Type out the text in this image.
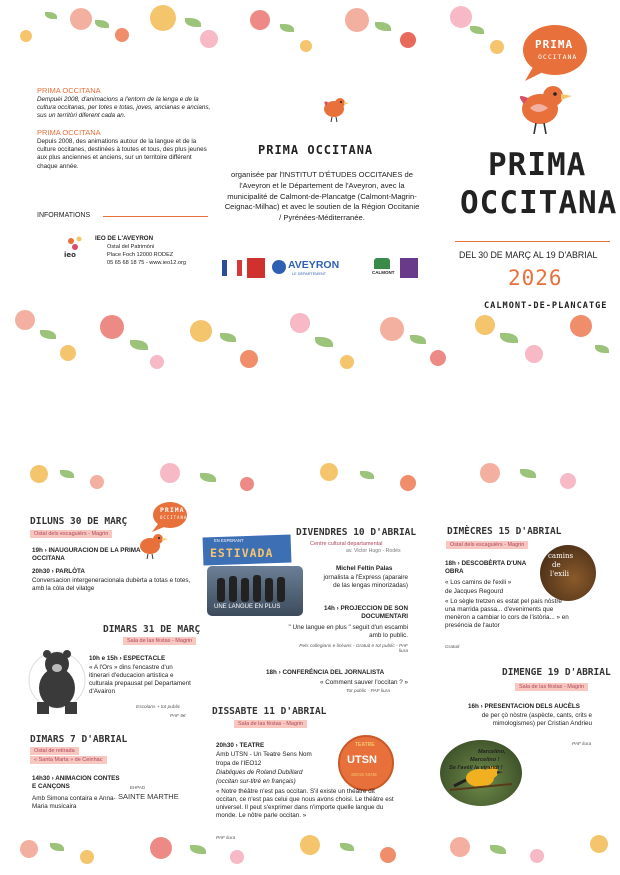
PRIMA OCCITANA
Dempuèi 2008, d'animacions a l'entorn de la lenga e de la cultura occitanas, per totes e totas, joves, ancianas e ancians, sus un territòri diferent cada an.
PRIMA OCCITANA
Depuis 2008, des animations autour de la langue et de la culture occitanes, destinées à toutes et tous, des plus jeunes aux plus anciennes et anciens, sur un territoire différent chaque année.
INFORMATIONS
ieo
IEO DE L'AVEYRON
Ostal del Patrimòni
Place Foch 12000 RODEZ
05 65 68 18 75 - www.ieo12.org
PRIMA OCCITANA
organisée par l'INSTITUT D'ÉTUDES OCCITANES de l'Aveyron et le Département de l'Aveyron, avec la municipalité de Calmont-de-Plancatge (Calmont-Magrin-Ceignac-Milhac) et avec le soutien de la Région Occitanie / Pyrénées-Méditerranée.
AVEYRON
LE DÉPARTEMENT	CALMONT
PRIMA
OCCITANA
PRIMA
OCCITANA
DEL 30 DE MARÇ AL 19 D'ABRIAL
2026
CALMONT-DE-PLANCATGE
PRIMA
OCCITANA
DILUNS 30 DE MARÇ
Ostal dels escaguièrs - Magrin
19h › INAUGURACION DE LA PRIMA OCCITANA
20h30 › PARLÒTA
Conversacion intergeneracionala dubèrta a totas e totes, amb la còla del vilatge
DIMARS 31 DE MARÇ
Sala de las fèstas - Magrin
10h e 15h › ESPECTACLE
« A l'Ors » dins l'encastre d'un itinerari d'educacion artistica e culturala prepausat pel Departament d'Avairon
Escolans + tot public
PAF 5€
DIMARS 7 D'ABRIAL
Ostal de retirada
« Santa Marta » de Ceinhac
14h30 › ANIMACION CONTES E CANÇONS
Amb Simona contaira e Anna-Maria musicaira
EHPAD
SAINTE MARTHE
EN ESPERANT
ESTIVADA
UNE LANGUE EN PLUS
DIVENDRES 10 D'ABRIAL
Centre cultural departamental
av. Victor Hugo - Rodés
Michel Feltin Palas
jornalista a l'Express (aparaire de las lengas minorizadas)
14h › PROJECCION DE SON DOCUMENTARI
" Une langue en plus " seguit d'un escambi amb lo public.
Pels collegians e licèans - Gratuit e tot public - PAF liura
18h › CONFERÉNCIA DEL JORNALISTA
« Comment sauver l'occitan ? »
Tot public - PAF liura
DISSABTE 11 D'ABRIAL
Sala de las fèstas - Magrin
TEATRE
UTSN
SENS NOM
20h30 › TEATRE
Amb UTSN - Un Teatre Sens Nom
tropa de l'IEO12
Diabliques de Roland Dubillard
(occitan sur-titré en français)
« Notre théâtre n'est pas occitan. S'il existe un théâtre dit occitan, ce n'est pas celui que nous avons choisi. Le théâtre est universel. Il peut s'exprimer dans n'importe quelle langue du monde. Le nôtre parle occitan. »
PAF liura
DIMÈCRES 15 D'ABRIAL
Ostal dels escaguièrs - Magrin
camins
de
l'exili
18h › DESCOBÈRTA D'UNA OBRA
« Los camins de l'exili »
de Jacques Regourd
« Lo sègle tretzen es estat pel país nòstre una marrida passa... d'eveniments que menèron a cambiar lo cors de l'istòria... » en preséncia de l'autor
Gratuit
DIMENGE 19 D'ABRIAL
Sala de las fèstas - Magrin
16h › PRESENTACION DELS AUCÈLS
de per çò nòstre (aspècte, cants, crits e mimologismes) per Cristian Andrieu
PAF liura
Marcelino,
Marcelino !
Se l'avèli la viraridi !
